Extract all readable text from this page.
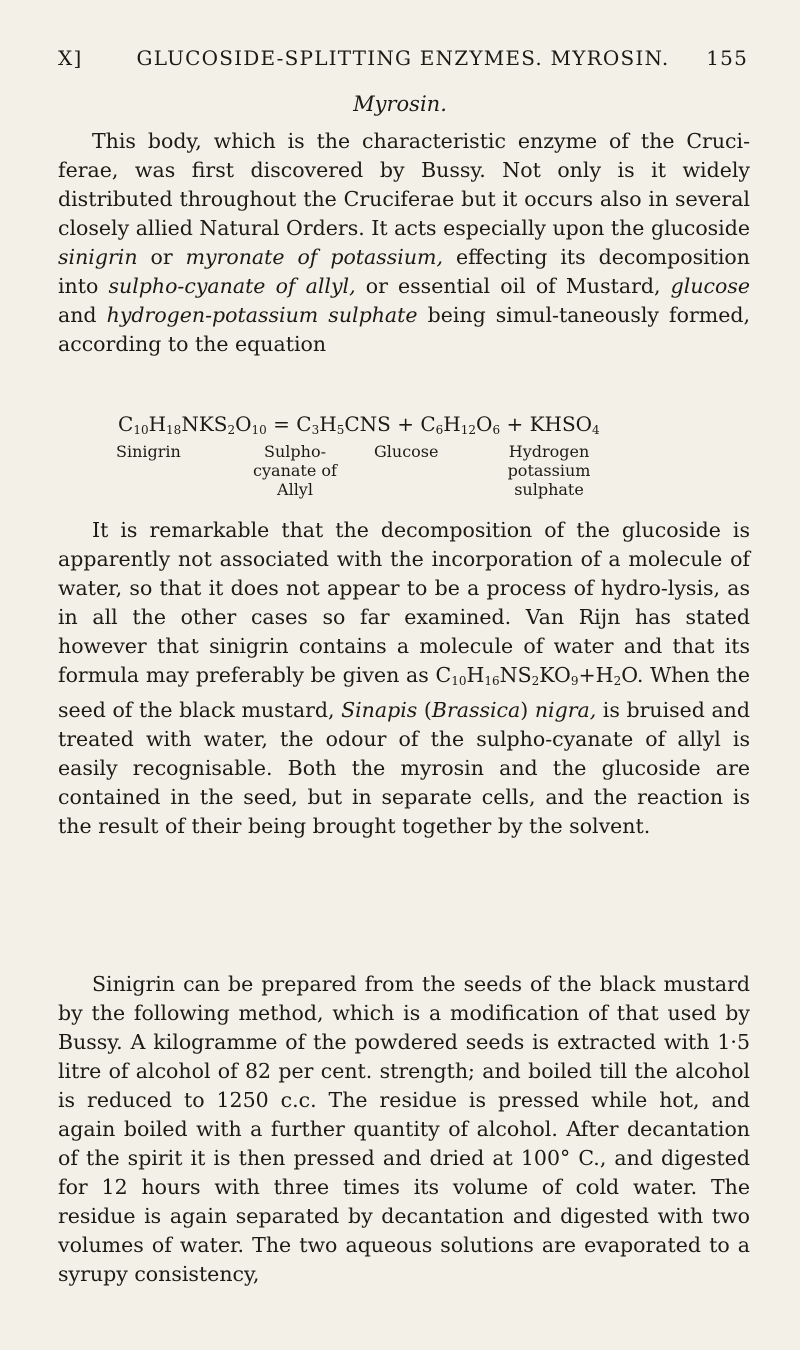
X]	GLUCOSIDE-SPLITTING ENZYMES. MYROSIN.	155
Myrosin.

This body, which is the characteristic enzyme of the Cruci-ferae, was first discovered by Bussy. Not only is it widely distributed throughout the Cruciferae but it occurs also in several closely allied Natural Orders. It acts especially upon the glucoside sinigrin or myronate of potassium, effecting its decomposition into sulpho-cyanate of allyl, or essential oil of Mustard, glucose and hydrogen-potassium sulphate being simul-taneously formed, according to the equation

$C_{10}H_{18}NKS_2O_{10} = C_3H_5CNS + C_6H_{12}O_6$ + $KHSO_4$
Sinigrin	Sulpho- cyanate of Allyl
Glucose	Hydrogen potassium sulphate

It is remarkable that the decomposition of the glucoside is apparently not associated with the incorporation of a molecule of water, so that it does not appear to be a process of hydro-lysis, as in all the other cases so far examined. Van Rijn has stated however that sinigrin contains a molecule of water and that its formula may preferably be given as $C_{10}H_{16}NS_2KO_9+H_2O$. When the seed of the black mustard, Sinapis (Brassica) nigra, is bruised and treated with water, the odour of the sulpho-cyanate of allyl is easily recognisable. Both the myrosin and the glucoside are contained in the seed, but in separate cells, and the reaction is the result of their being brought together by the solvent.

Sinigrin can be prepared from the seeds of the black mustard by the following method, which is a modification of that used by Bussy. A kilogramme of the powdered seeds is extracted with 1·5 litre of alcohol of 82 per cent. strength; and boiled till the alcohol is reduced to 1250 c.c. The residue is pressed while hot, and again boiled with a further quantity of alcohol. After decantation of the spirit it is then pressed and dried at 100° C., and digested for 12 hours with three times its volume of cold water. The residue is again separated by decantation and digested with two volumes of water. The two aqueous solutions are evaporated to a syrupy consistency,
